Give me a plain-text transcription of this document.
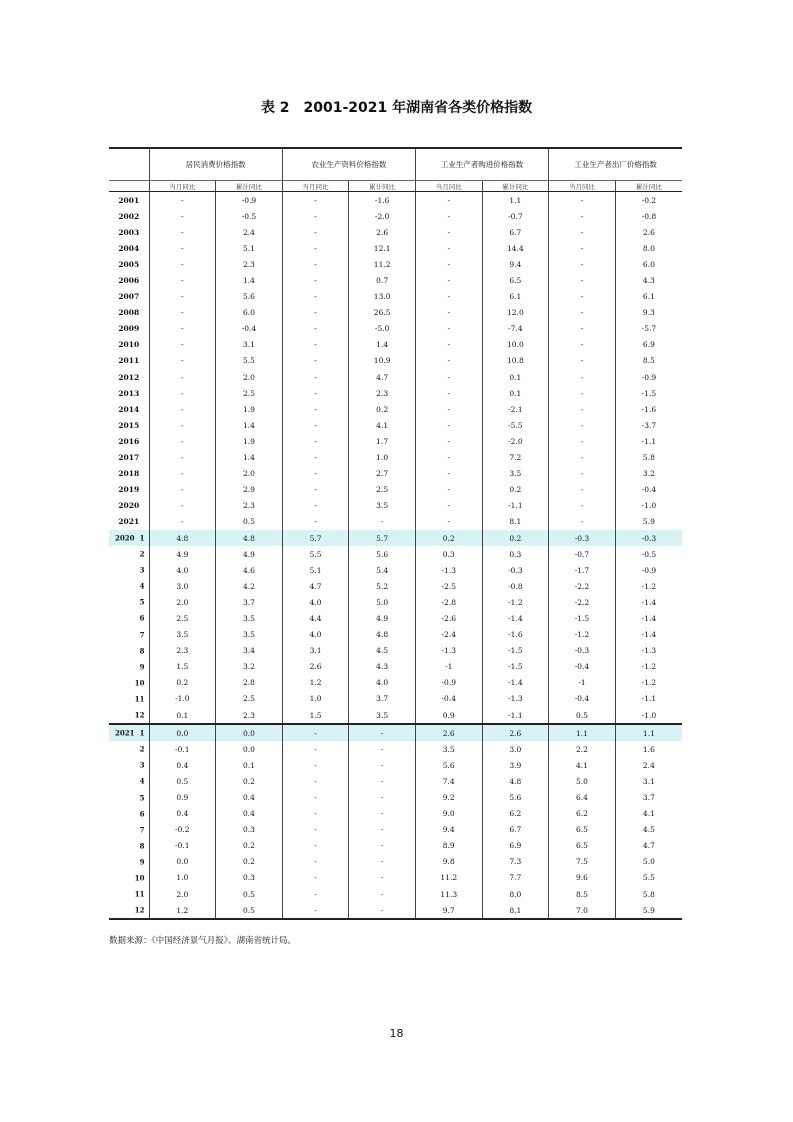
表 2　2001-2021 年湖南省各类价格指数
	居民消费价格指数		农业生产资料价格指数		工业生产者购进价格指数		工业生产者出厂价格指数	
	当月同比	累计同比	当月同比	累计同比	当月同比	累计同比	当月同比	累计同比
2001	-	-0.9	-	-1.6	-	1.1	-	-0.2
2002	-	-0.5	-	-2.0	-	-0.7	-	-0.8
2003	-	2.4	-	2.6	-	6.7	-	2.6
2004	-	5.1	-	12.1	-	14.4	-	8.0
2005	-	2.3	-	11.2	-	9.4	-	6.0
2006	-	1.4	-	0.7	-	6.5	-	4.3
2007	-	5.6	-	13.0	-	6.1	-	6.1
2008	-	6.0	-	26.5	-	12.0	-	9.3
2009	-	-0.4	-	-5.0	-	-7.4	-	-5.7
2010	-	3.1	-	1.4	-	10.0	-	6.9
2011	-	5.5	-	10.9	-	10.8	-	8.5
2012	-	2.0	-	4.7	-	0.1	-	-0.9
2013	-	2.5	-	2.3	-	0.1	-	-1.5
2014	-	1.9	-	0.2	-	-2.1	-	-1.6
2015	-	1.4	-	4.1	-	-5.5	-	-3.7
2016	-	1.9	-	1.7	-	-2.0	-	-1.1
2017	-	1.4	-	1.0	-	7.2	-	5.8
2018	-	2.0	-	2.7	-	3.5	-	3.2
2019	-	2.9	-	2.5	-	0.2	-	-0.4
2020	-	2.3	-	3.5	-	-1.1	-	-1.0
2021	-	0.5	-	-	-	8.1	-	5.9

2020 1	4.8	4.8	5.7	5.7	0.2	0.2	-0.3	-0.3

2	4.9	4.9	5.5	5.6	0.3	0.3	-0.7	-0.5

3	4.0	4.6	5.1	5.4	-1.3	-0.3	-1.7	-0.9

4	3.0	4.2	4.7	5.2	-2.5	-0.8	-2.2	-1.2

5	2.0	3.7	4.0	5.0	-2.8	-1.2	-2.2	-1.4

6	2.5	3.5	4.4	4.9	-2.6	-1.4	-1.5	-1.4

7	3.5	3.5	4.0	4.8	-2.4	-1.6	-1.2	-1.4

8	2.3	3.4	3.1	4.5	-1.3	-1.5	-0.3	-1.3

9	1.5	3.2	2.6	4.3	-1	-1.5	-0.4	-1.2

10	0.2	2.8	1.2	4.0	-0.9	-1.4	-1	-1.2

11	-1.0	2.5	1.0	3.7	-0.4	-1.3	-0.4	-1.1

12	0.1	2.3	1.5	3.5	0.9	-1.1	0.5	-1.0

2021 1	0.0	0.0	-	-	2.6	2.6	1.1	1.1

2	-0.1	0.0	-	-	3.5	3.0	2.2	1.6

3	0.4	0.1	-	-	5.6	3.9	4.1	2.4

4	0.5	0.2	-	-	7.4	4.8	5.0	3.1

5	0.9	0.4	-	-	9.2	5.6	6.4	3.7

6	0.4	0.4	-	-	9.0	6.2	6.2	4.1

7	-0.2	0.3	-	-	9.4	6.7	6.5	4.5

8	-0.1	0.2	-	-	8.9	6.9	6.5	4.7

9	0.0	0.2	-	-	9.8	7.3	7.5	5.0

10	1.0	0.3	-	-	11.2	7.7	9.6	5.5

11	2.0	0.5	-	-	11.3	8.0	8.5	5.8

12	1.2	0.5	-	-	9.7	8.1	7.0	5.9
数据来源：《中国经济景气月报》、湖南省统计局。
18
